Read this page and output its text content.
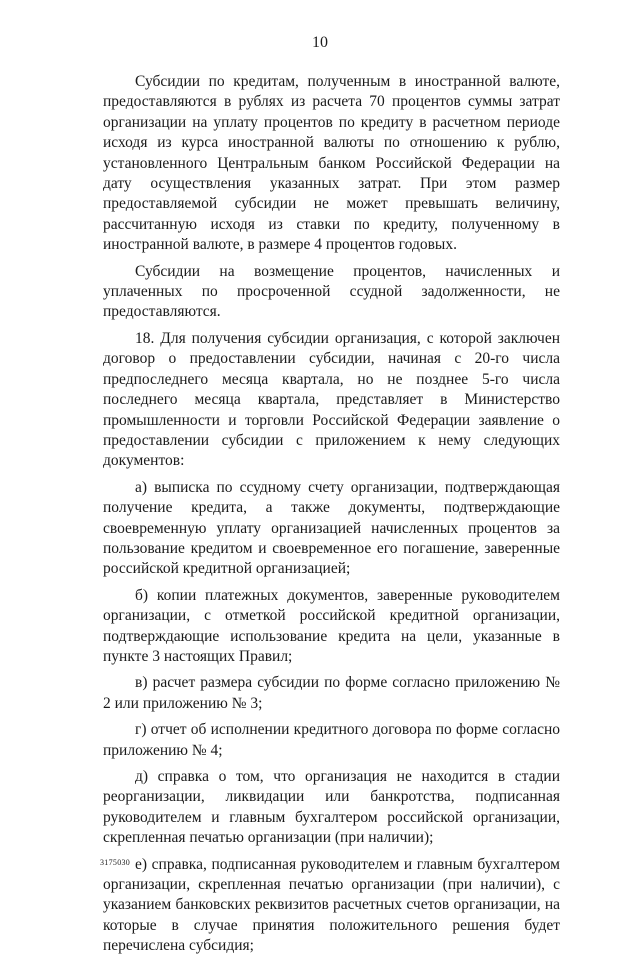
10

Субсидии по кредитам, полученным в иностранной валюте, предоставляются в рублях из расчета 70 процентов суммы затрат организации на уплату процентов по кредиту в расчетном периоде исходя из курса иностранной валюты по отношению к рублю, установленного Центральным банком Российской Федерации на дату осуществления указанных затрат. При этом размер предоставляемой субсидии не может превышать величину, рассчитанную исходя из ставки по кредиту, полученному в иностранной валюте, в размере 4 процентов годовых.

Субсидии на возмещение процентов, начисленных и уплаченных по просроченной ссудной задолженности, не предоставляются.

18. Для получения субсидии организация, с которой заключен договор о предоставлении субсидии, начиная с 20-го числа предпоследнего месяца квартала, но не позднее 5-го числа последнего месяца квартала, представляет в Министерство промышленности и торговли Российской Федерации заявление о предоставлении субсидии с приложением к нему следующих документов:

а) выписка по ссудному счету организации, подтверждающая получение кредита, а также документы, подтверждающие своевременную уплату организацией начисленных процентов за пользование кредитом и своевременное его погашение, заверенные российской кредитной организацией;

б) копии платежных документов, заверенные руководителем организации, с отметкой российской кредитной организации, подтверждающие использование кредита на цели, указанные в пункте 3 настоящих Правил;

в) расчет размера субсидии по форме согласно приложению № 2 или приложению № 3;

г) отчет об исполнении кредитного договора по форме согласно приложению № 4;

д) справка о том, что организация не находится в стадии реорганизации, ликвидации или банкротства, подписанная руководителем и главным бухгалтером российской организации, скрепленная печатью организации (при наличии);

е) справка, подписанная руководителем и главным бухгалтером организации, скрепленная печатью организации (при наличии), с указанием банковских реквизитов расчетных счетов организации, на которые в случае принятия положительного решения будет перечислена субсидия;

3175030
